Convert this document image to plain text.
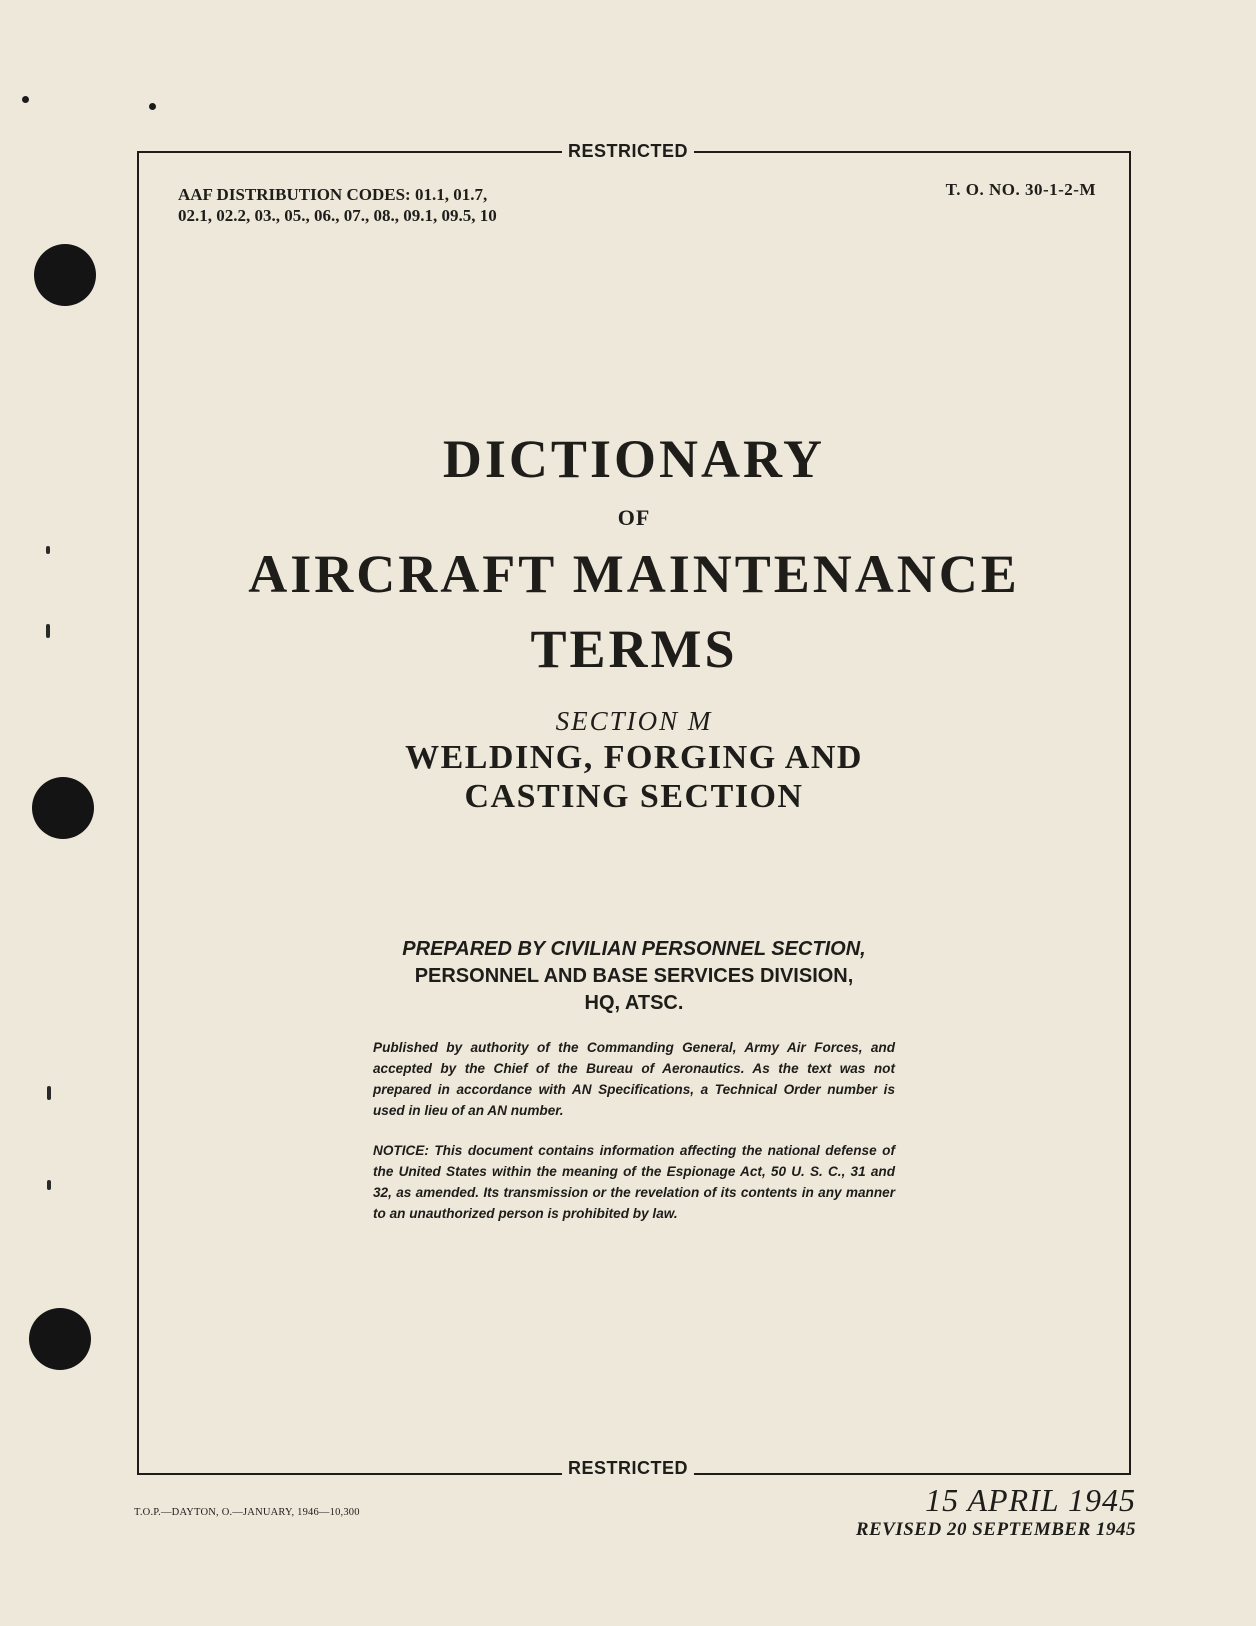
RESTRICTED
RESTRICTED
AAF DISTRIBUTION CODES: 01.1, 01.7, 02.1, 02.2, 03., 05., 06., 07., 08., 09.1, 09.5, 10
T. O. NO. 30-1-2-M
DICTIONARY
OF
AIRCRAFT MAINTENANCE
TERMS
SECTION M
WELDING, FORGING AND
CASTING SECTION
PREPARED BY CIVILIAN PERSONNEL SECTION,
PERSONNEL AND BASE SERVICES DIVISION,
HQ, ATSC.
Published by authority of the Commanding General, Army Air Forces, and accepted by the Chief of the Bureau of Aeronautics. As the text was not prepared in accordance with AN Specifications, a Technical Order number is used in lieu of an AN number.
NOTICE: This document contains information affecting the national defense of the United States within the meaning of the Espionage Act, 50 U. S. C., 31 and 32, as amended. Its transmission or the revelation of its contents in any manner to an unauthorized person is prohibited by law.
T.O.P.—DAYTON, O.—JANUARY, 1946—10,300	15 APRIL 1945
REVISED 20 SEPTEMBER 1945
